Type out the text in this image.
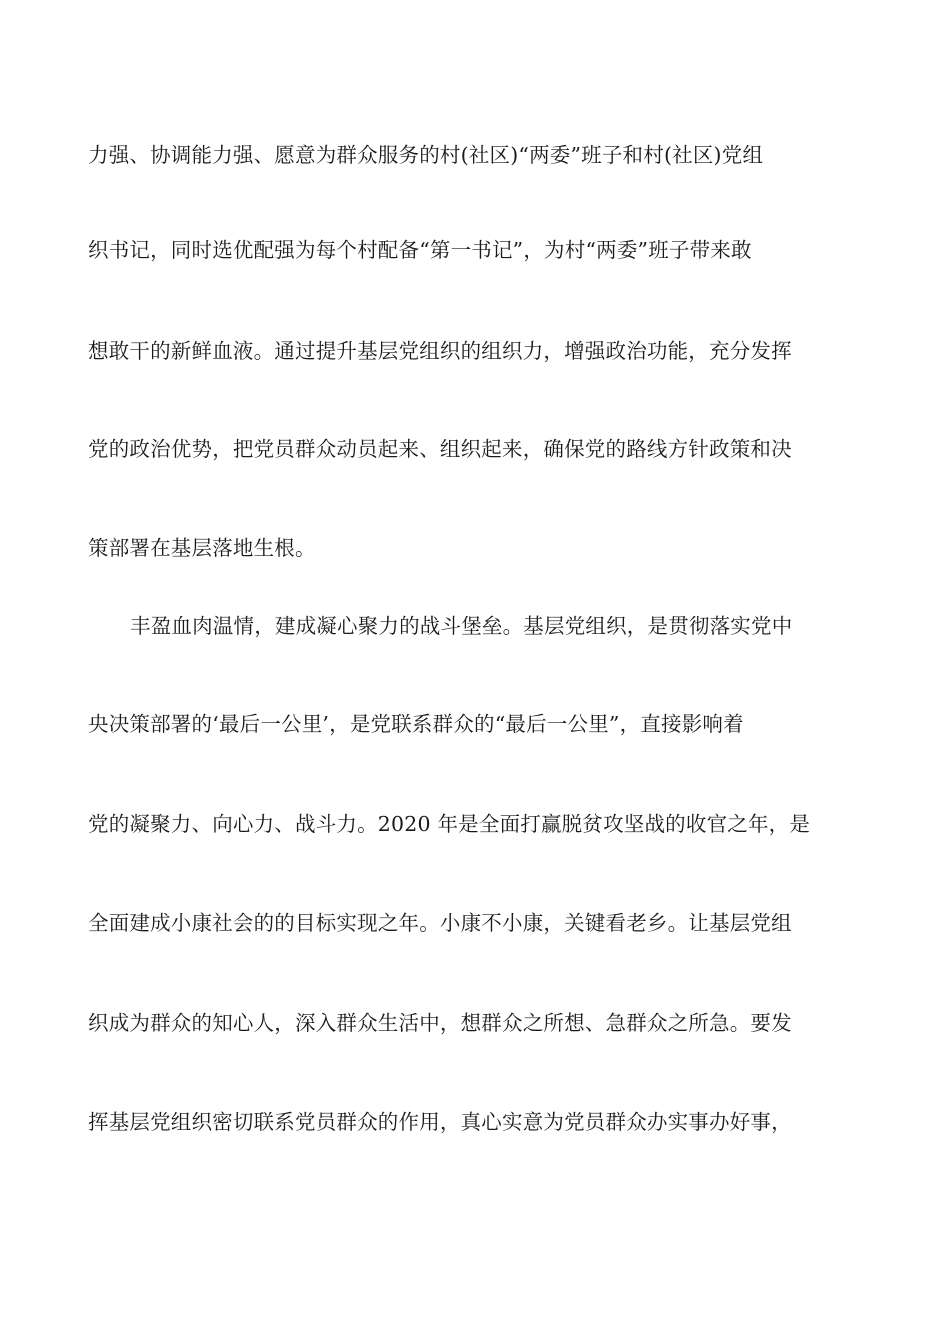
力强、协调能力强、愿意为群众服务的村(社区)“两委”班子和村(社区)党组
织书记，同时选优配强为每个村配备“第一书记”，为村“两委”班子带来敢
想敢干的新鲜血液。通过提升基层党组织的组织力，增强政治功能，充分发挥
党的政治优势，把党员群众动员起来、组织起来，确保党的路线方针政策和决
策部署在基层落地生根。
丰盈血肉温情，建成凝心聚力的战斗堡垒。基层党组织，是贯彻落实党中
央决策部署的‘最后一公里’，是党联系群众的“最后一公里”，直接影响着
党的凝聚力、向心力、战斗力。2020 年是全面打赢脱贫攻坚战的收官之年，是
全面建成小康社会的的目标实现之年。小康不小康，关键看老乡。让基层党组
织成为群众的知心人，深入群众生活中，想群众之所想、急群众之所急。要发
挥基层党组织密切联系党员群众的作用，真心实意为党员群众办实事办好事，
